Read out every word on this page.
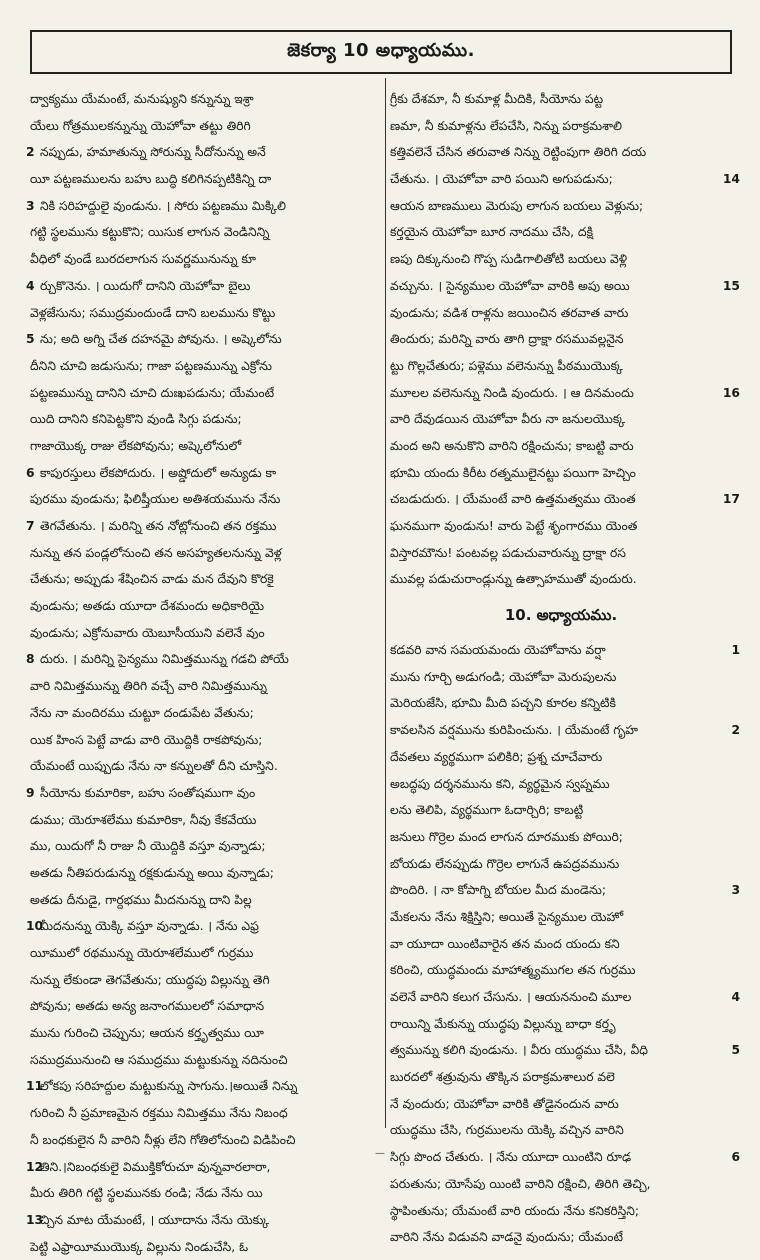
జెకర్యా 10 అధ్యాయము.
ద్వాక్యము యేమంటే, మనుష్యుని కన్నున్ను ఇశ్రా
యేలు గోత్రములకన్నున్ను యెహోవా తట్టు తిరిగి
2 నప్పుడు, హమాతున్ను సోరున్ను సీదోనున్ను అనే
యీ పట్టణములను బహు బుద్ధి కలిగినప్పటికిన్ని దా
3 నికి సరిహద్దులై వుండును. । సోరు పట్టణము మిక్కిలి
గట్టి స్థలమును కట్టుకొని; యిసుక లాగున వెండినిన్ని
వీధిలో వుండే బురదలాగున సువర్ణమునున్ను కూ
4 ర్చుకొనెను. । యిదుగో దానిని యెహోవా బైలు
వెళ్లజేసును; సముద్రమందుండే దాని బలమును కొట్టు
5 ను; అది అగ్ని చేత దహనమై పోవును. । అష్కెలోను
దీనిని చూచి జడుసును; గాజా పట్టణమున్ను ఎక్రోను
పట్టణమున్ను దానిని చూచి దుఃఖపడును; యేమంటే
యిది దానిని కనిపెట్టకొని వుండి సిగ్గు పడును;
గాజాయొక్క రాజు లేకపోవును; అష్కెలోనులో
6 కాపురస్తులు లేకపోదురు. । అష్డోదులో అన్యుడు కా
పురము వుండును; ఫిలిష్తీయుల అతిశయమును నేను
7 తెగవేతును. । మరిన్ని తన నోట్లోనుంచి తన రక్తము
నున్ను తన పండ్లలోనుంచి తన అసహ్యతలనున్ను వెళ్ల
చేతును; అప్పుడు శేషించిన వాడు మన దేవుని కొరకై
వుండును; అతడు యూదా దేశమందు అధికారియై
వుండును; ఎక్రోనువారు యెబూసీయుని వలెనే వుం
8 దురు. । మరిన్ని సైన్యము నిమిత్తమున్ను గడచి పోయే
వారి నిమిత్తమున్ను తిరిగి వచ్చే వారి నిమిత్తమున్ను
నేను నా మందిరము చుట్టూ దండుపేట వేతును;
యిక హింస పెట్టే వాడు వారి యొద్దికి రాకపోవును;
యేమంటే యిప్పుడు నేను నా కన్నులతో దీని చూస్తిని.
9 సీయోను కుమారికా, బహు సంతోషముగా వుం
డుము; యెరూశలేము కుమారికా, నీవు కేకవేయు
ము, యిదుగో నీ రాజు నీ యొద్దికి వస్తూ వున్నాడు;
అతడు నీతిపరుడున్ను రక్షకుడున్ను అయి వున్నాడు;
అతడు దీనుడై, గార్దభము మీదనున్ను దాని పిల్ల
10
మీదనున్ను యెక్కి వస్తూ వున్నాడు. । నేను ఎఫ్ర
యీములో రథమున్ను యెరూశలేములో గుర్రము
నున్ను లేకుండా తెగవేతును; యుద్ధపు విల్లున్ను తెగి
పోవును; అతడు అన్య జనాంగములలో సమాధాన
మును గురించి చెప్పును; ఆయన కర్తృత్వము యీ
సముద్రమునుంచి ఆ సముద్రము మట్టుకున్ను నదినుంచి
11
లోకపు సరిహద్దుల మట్టుకున్ను సాగును.।అయితే నిన్ను
గురించి నీ ప్రమాణమైన రక్తము నిమిత్తము నేను నిబంధ
నీ బంధకులైన నీ వారిని నీళ్లు లేని గోతిలోనుంచి విడిపించి
12
తిని.।నిబంధకులై విముక్తికోరుచూ వున్నవారలారా,
మీరు తిరిగి గట్టి స్థలమునకు రండి; నేడు నేను యి
13
చ్చిన మాట యేమంటే, । యూదాను నేను యెక్కు
పెట్టి ఎఫ్రాయీముయొక్క విల్లును నిండుచేసి, ఓ
గ్రీకు దేశమా, నీ కుమాళ్ల మీదికి, సీయోను పట్ట
ణమా, నీ కుమాళ్లను లేపచేసి, నిన్ను పరాక్రమశాలి
కత్తివలెనే చేసిన తరువాత నిన్ను రెట్టింపుగా తిరిగి దయ
14
చేతును. । యెహోవా వారి పయిని అగుపడును;
ఆయన బాణములు మెరుపు లాగున బయలు వెళ్లును;
కర్తయైన యెహోవా బూర నాదము చేసి, దక్షి
ణపు దిక్కునుంచి గొప్ప సుడిగాలితోటి బయలు వెళ్లి
15
వచ్చును. । సైన్యముల యెహోవా వారికి అపు అయి
వుండును; వడిశ రాళ్లను జయించిన తరవాత వారు
తిందురు; మరిన్ని వారు తాగి ద్రాక్షా రసమువల్లనైన
ట్టు గొల్లచేతురు; పళ్లెము వలెనున్ను పీఠముయొక్క
16
మూలల వలెనున్ను నిండి వుందురు. । ఆ దినమందు
వారి దేవుడయిన యెహోవా వీరు నా జనులయొక్క
మంద అని అనుకొని వారిని రక్షించును; కాబట్టి వారు
భూమి యందు కిరీట రత్నములైనట్టు పయిగా హెచ్చిం
17
చబడుదురు. । యేమంటే వారి ఉత్తమత్వము యెంత
ఘనముగా వుండును! వారు పెట్టే శృంగారము యెంత
విస్తారమౌను! పంటవల్ల పడుచువారున్ను ద్రాక్షా రస
మువల్ల పడుచురాండ్లున్ను ఉత్సాహముతో వుందురు.
10. అధ్యాయము.
1
కడవరి వాన సమయమందు యెహోవాను వర్షా
మును గూర్చి అడుగండి; యెహోవా మెరుపులను
మెరియజేసి, భూమి మీది పచ్చని కూరల కన్నిటికి
2
కావలసిన వర్షమును కురిపించును. । యేమంటే గృహ
దేవతలు వ్యర్థముగా పలికిరి; ప్రశ్న చూచేవారు
అబద్ధపు దర్శనమును కని, వ్యర్థమైన స్వప్నము
లను తెలిపి, వ్యర్థముగా ఓదార్చిరి; కాబట్టి
జనులు గొర్రెల మంద లాగున దూరముకు పోయిరి;
బోయడు లేనప్పుడు గొర్రెల లాగునే ఉపద్రవమును
3
పొందిరి. । నా కోపాగ్ని బోయల మీద మండెను;
మేకలను నేను శిక్షిస్తిని; అయితే సైన్యముల యెహో
వా యూదా యింటివారైన తన మంద యందు కని
కరించి, యుద్ధమందు మాహాత్మ్యముగల తన గుర్రము
4
వలెనే వారిని కలుగ చేసును. । ఆయననుంచి మూల
రాయిన్ని మేకున్ను యుద్ధపు విల్లున్ను బాధా కర్తృ
5
త్వమున్ను కలిగి వుండును. । వీరు యుద్ధము చేసి, వీధి
బురదలో శత్రువును తొక్కిన పరాక్రమశాలుర వలె
నే వుందురు; యెహోవా వారికి తోడైనందున వారు
యుద్ధము చేసి, గుర్రములను యెక్కి వచ్చిన వారిని
6
సిగ్గు పొంద చేతురు. । నేను యూదా యింటిని రూఢ
పరుతును; యోసేపు యింటి వారిని రక్షించి, తిరిగి తెచ్చి,
స్థాపింతును; యేమంటే వారి యందు నేను కనికరిస్తిని;
వారిని నేను విడువని వాడనై వుందును; యేమంటే
—
